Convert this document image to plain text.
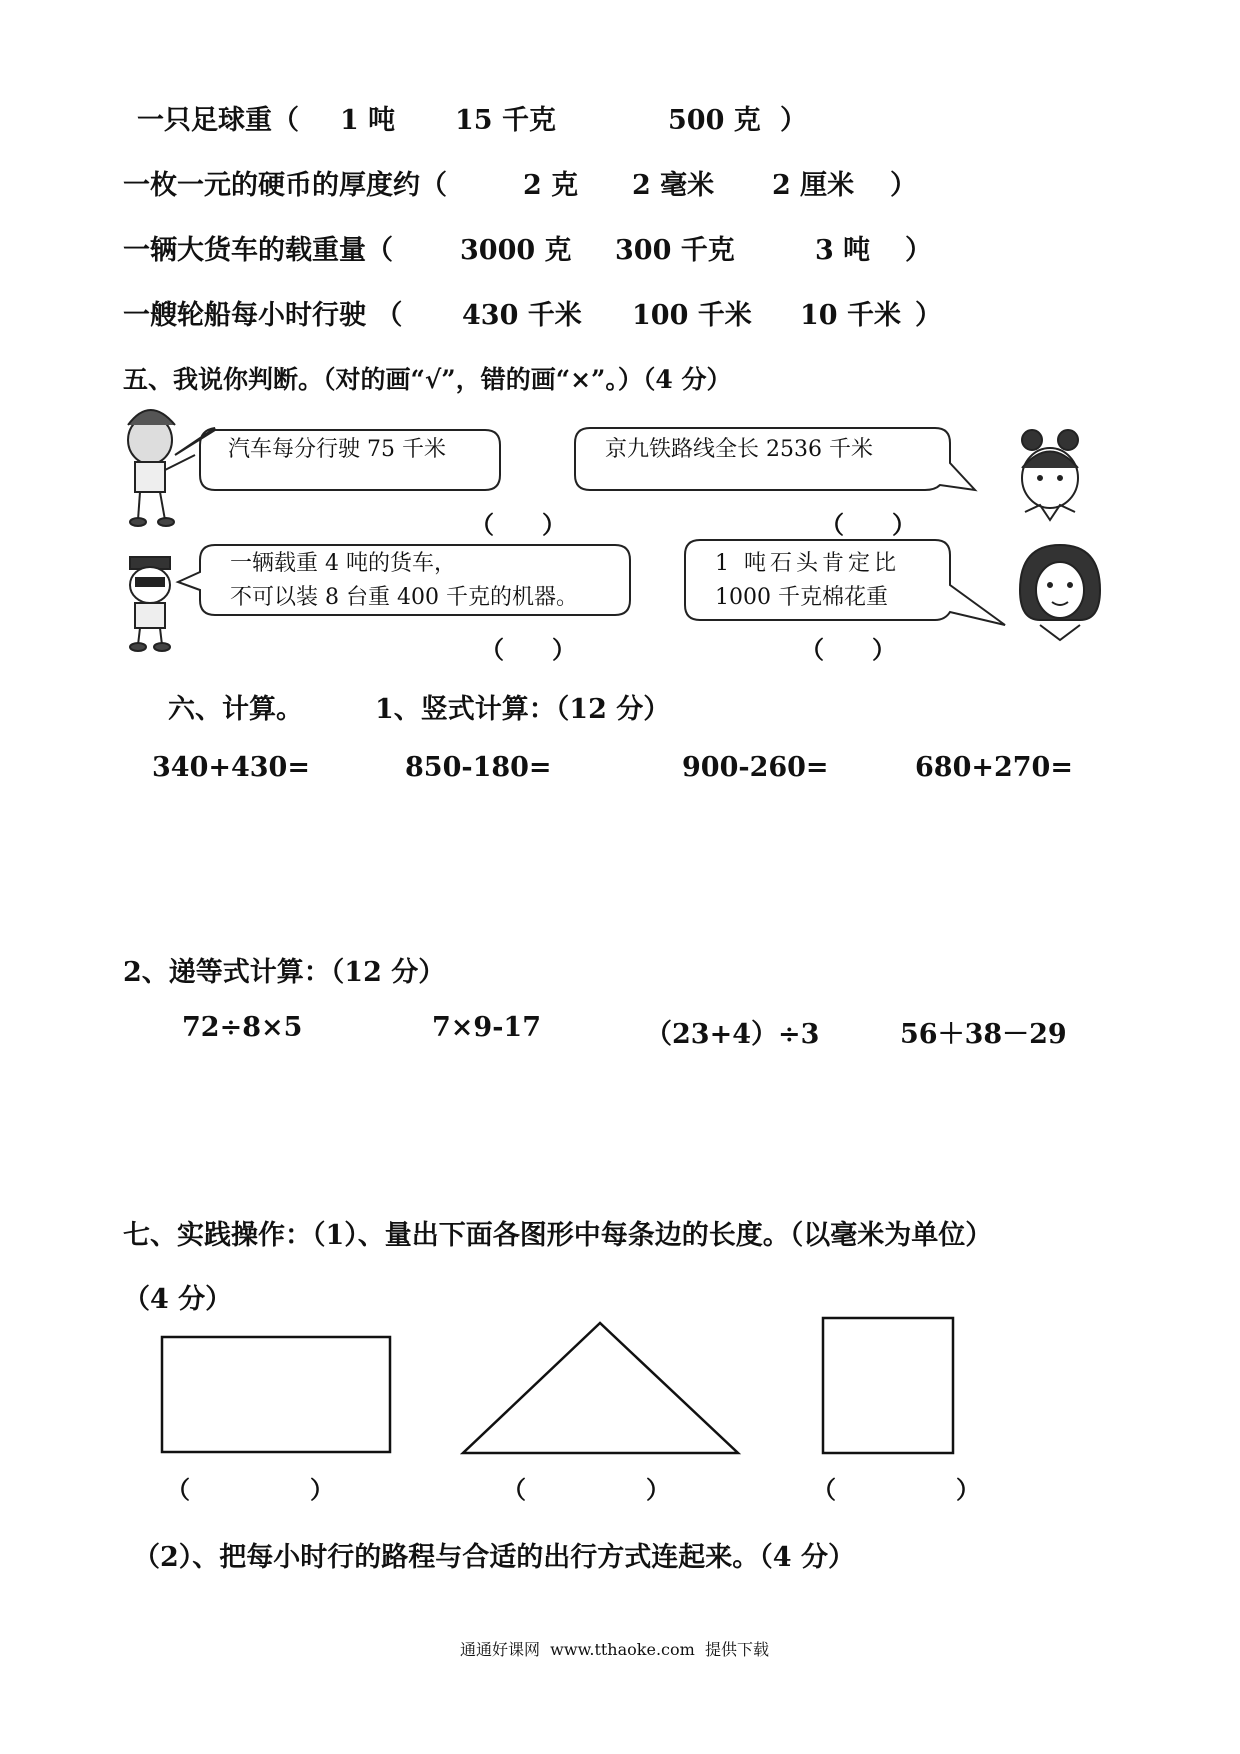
一只足球重（ 1 吨 15 千克	500 克 ）
一枚一元的硬币的厚度约（	2 克 2 毫米 2 厘米 ）
一辆大货车的载重量（ 3000 克 300 千克	3 吨 ）
一艘轮船每小时行驶 （ 430 千米 100 千米 10 千米 ）
五、我说你判断。（对的画“√”，错的画“×”。）（4 分）
汽车每分行驶 75 千米
（　　）
京九铁路线全长 2536 千米
（　　）
一辆载重 4 吨的货车，
不可以装 8 台重 400 千克的机器。
（　　）
1 吨石头肯定比
1000 千克棉花重
（　　）
六、计算。	1、竖式计算：（12 分）
340+430=	850-180=	900-260=	680+270=
2、递等式计算：（12 分）
72÷8×5	7×9-17	（23+4）÷3	56＋38－29
七、实践操作：（1）、量出下面各图形中每条边的长度。（以毫米为单位）
（4 分）
（　　　　　）	（　　　　　）	（　　　　　）
（2）、把每小时行的路程与合适的出行方式连起来。（4 分）
通通好课网  www.tthaoke.com  提供下载
